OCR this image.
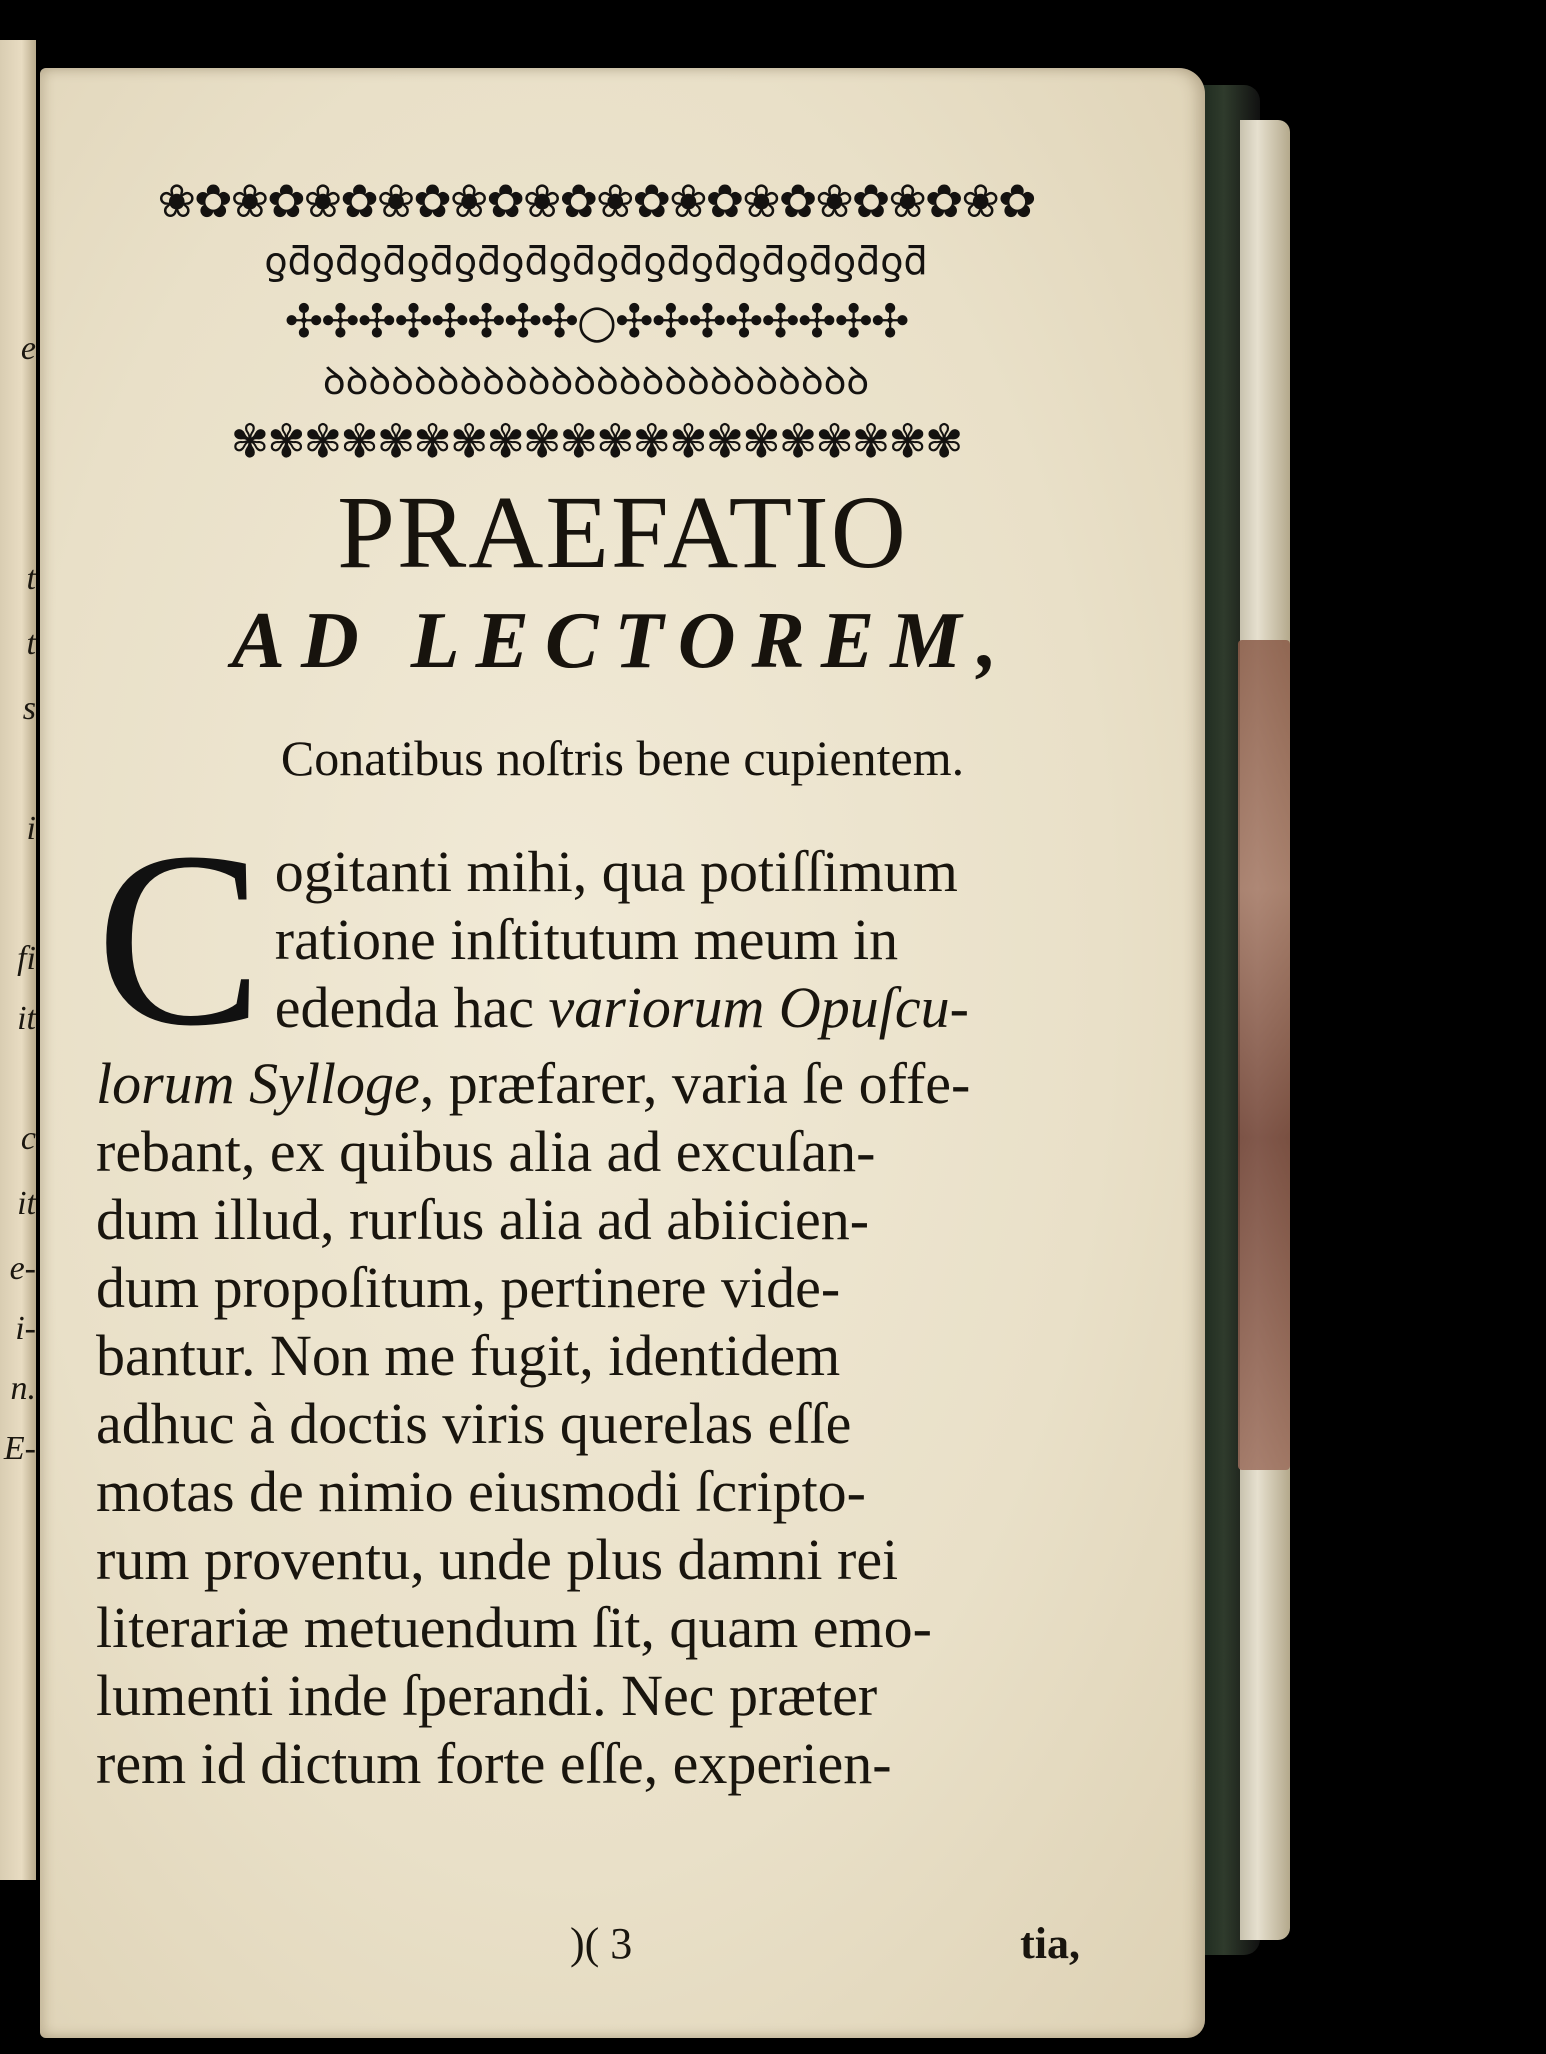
e
t
t
s
i
fi
it
c
it
e-
i-
n.
E-
❀✿❀✿❀✿❀✿❀✿❀✿❀✿❀✿❀✿❀✿❀✿❀✿
ƍƌƍƌƍƌƍƌƍƌƍƌƍƌƍƌƍƌƍƌƍƌƍƌƍƌƍƌ
✣✣✣✣✣✣✣✣○✣✣✣✣✣✣✣✣
ꝺꝺꝺꝺꝺꝺꝺꝺꝺꝺꝺꝺꝺꝺꝺꝺꝺꝺꝺꝺꝺꝺꝺꝺ
✾✾✾✾✾✾✾✾✾✾✾✾✾✾✾✾✾✾✾✾
PRAEFATIO
AD LECTOREM,
Conatibus noſtris bene cupientem.
C ogitanti mihi, qua potiſſimum
ratione inſtitutum meum in
edenda hac variorum Opuſcu-
lorum Sylloge, præfarer, varia ſe offe-
rebant, ex quibus alia ad excuſan-
dum illud, rurſus alia ad abiicien-
dum propoſitum, pertinere vide-
bantur. Non me fugit, identidem
adhuc à doctis viris querelas eſſe
motas de nimio eiusmodi ſcripto-
rum proventu, unde plus damni rei
literariæ metuendum ſit, quam emo-
lumenti inde ſperandi. Nec præter
rem id dictum forte eſſe, experien-
)( 3	tia,
